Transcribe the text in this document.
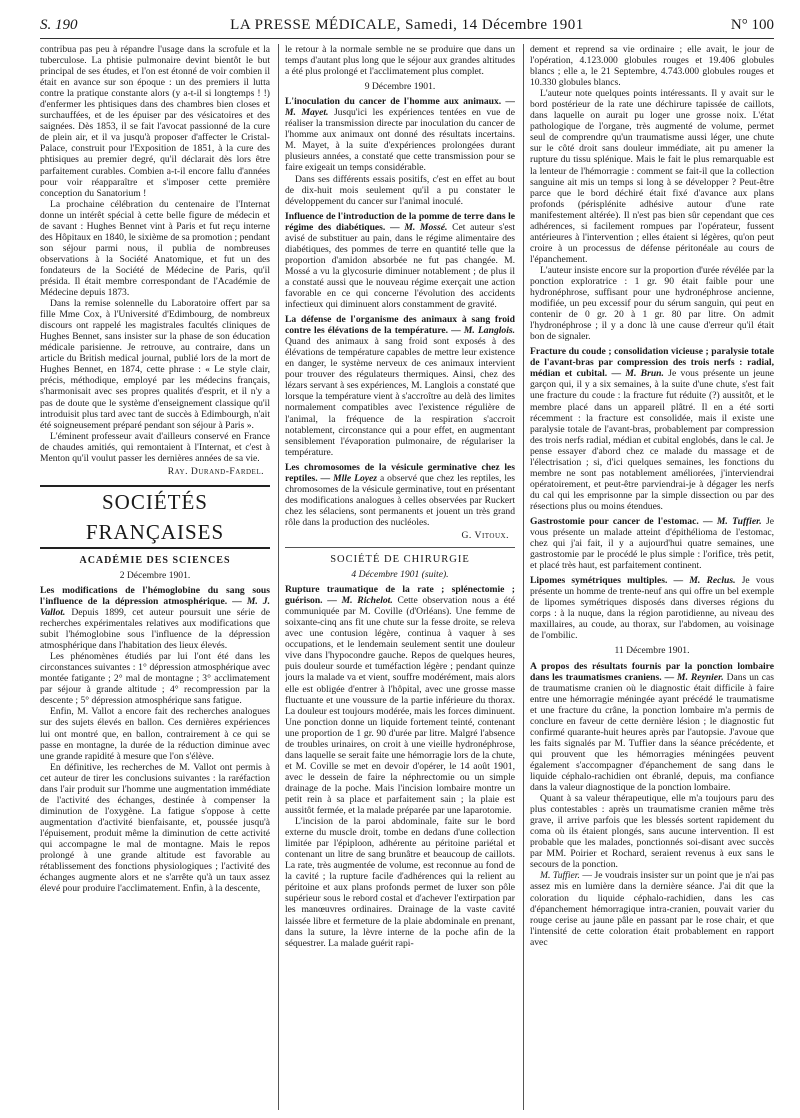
S. 190	LA PRESSE MÉDICALE, Samedi, 14 Décembre 1901	N° 100

contribua pas peu à répandre l'usage dans la scrofule et la tuberculose. La phtisie pulmonaire devint bientôt le but principal de ses études, et l'on est étonné de voir combien il était en avance sur son époque : un des premiers il lutta contre la pratique constante alors (y a-t-il si longtemps ! !) d'enfermer les phtisiques dans des chambres bien closes et surchauffées, et de les épuiser par des vésicatoires et des saignées. Dès 1853, il se fait l'avocat passionné de la cure de plein air, et il va jusqu'à proposer d'affecter le Cristal-Palace, construit pour l'Exposition de 1851, à la cure des phtisiques au premier degré, qu'il déclarait dès lors être parfaitement curables. Combien a-t-il encore fallu d'années pour voir réapparaître et s'imposer cette première conception du Sanatorium !

La prochaine célébration du centenaire de l'Internat donne un intérêt spécial à cette belle figure de médecin et de savant : Hughes Bennet vint à Paris et fut reçu interne des Hôpitaux en 1840, le sixième de sa promotion ; pendant son séjour parmi nous, il publia de nombreuses observations à la Société Anatomique, et fut un des fondateurs de la Société de Médecine de Paris, qu'il présida. Il était membre correspondant de l'Académie de Médecine depuis 1873.

Dans la remise solennelle du Laboratoire offert par sa fille Mme Cox, à l'Université d'Edimbourg, de nombreux discours ont rappelé les magistrales facultés cliniques de Hughes Bennet, sans insister sur la phase de son éducation médicale parisienne. Je retrouve, au contraire, dans un article du British medical journal, publié lors de la mort de Hughes Bennet, en 1874, cette phrase : « Le style clair, précis, méthodique, employé par les médecins français, s'harmonisait avec ses propres qualités d'esprit, et il n'y a pas de doute que le système d'enseignement classique qu'il introduisit plus tard avec tant de succès à Edimbourgh, n'ait été soigneusement préparé pendant son séjour à Paris ».

L'éminent professeur avait d'ailleurs conservé en France de chaudes amitiés, qui remontaient à l'Internat, et c'est à Menton qu'il voulut passer les dernières années de sa vie.

Ray. Durand-Fardel.
SOCIÉTÉS FRANÇAISES
ACADÉMIE DES SCIENCES
2 Décembre 1901.

Les modifications de l'hémoglobine du sang sous l'influence de la dépression atmosphérique. — M. J. Vallot. Depuis 1899, cet auteur poursuit une série de recherches expérimentales relatives aux modifications que subit l'hémoglobine sous l'influence de la dépression atmosphérique dans l'habitation des lieux élevés.

Les phénomènes étudiés par lui l'ont été dans les circonstances suivantes : 1° dépression atmosphérique avec montée fatigante ; 2° mal de montagne ; 3° acclimatement par séjour à grande altitude ; 4° recompression par la descente ; 5° dépression atmosphérique sans fatigue.

Enfin, M. Vallot a encore fait des recherches analogues sur des sujets élevés en ballon. Ces dernières expériences lui ont montré que, en ballon, contrairement à ce qui se passe en montagne, la durée de la réduction diminue avec une grande rapidité à mesure que l'on s'élève.

En définitive, les recherches de M. Vallot ont permis à cet auteur de tirer les conclusions suivantes : la raréfaction dans l'air produit sur l'homme une augmentation immédiate de l'activité des échanges, destinée à compenser la diminution de l'oxygène. La fatigue s'oppose à cette augmentation d'activité bienfaisante, et, poussée jusqu'à l'épuisement, produit même la diminution de cette activité qui accompagne le mal de montagne. Mais le repos prolongé à une grande altitude est favorable au rétablissement des fonctions physiologiques ; l'activité des échanges augmente alors et ne s'arrête qu'à un taux assez élevé pour produire l'acclimatement. Enfin, à la descente,

le retour à la normale semble ne se produire que dans un temps d'autant plus long que le séjour aux grandes altitudes a été plus prolongé et l'acclimatement plus complet.

9 Décembre 1901.

L'inoculation du cancer de l'homme aux animaux. — M. Mayet. Jusqu'ici les expériences tentées en vue de réaliser la transmission directe par inoculation du cancer de l'homme aux animaux ont donné des résultats incertains. M. Mayet, à la suite d'expériences prolongées durant plusieurs années, a constaté que cette transmission pour se faire exigeait un temps considérable.

Dans ses différents essais positifs, c'est en effet au bout de dix-huit mois seulement qu'il a pu constater le développement du cancer sur l'animal inoculé.

Influence de l'introduction de la pomme de terre dans le régime des diabétiques. — M. Mossé. Cet auteur s'est avisé de substituer au pain, dans le régime alimentaire des diabétiques, des pommes de terre en quantité telle que la proportion d'amidon absorbée ne fut pas changée. M. Mossé a vu la glycosurie diminuer notablement ; de plus il a constaté aussi que le nouveau régime exerçait une action favorable en ce qui concerne l'évolution des accidents infectieux qui diminuent alors constamment de gravité.

La défense de l'organisme des animaux à sang froid contre les élévations de la température. — M. Langlois. Quand des animaux à sang froid sont exposés à des élévations de température capables de mettre leur existence en danger, le système nerveux de ces animaux intervient pour trouver des régulateurs thermiques. Ainsi, chez des lézars servant à ses expériences, M. Langlois a constaté que lorsque la température vient à s'accroître au delà des limites normalement compatibles avec l'existence régulière de l'animal, la fréquence de la respiration s'accroit notablement, circonstance qui a pour effet, en augmentant sensiblement l'évaporation pulmonaire, de régulariser la température.

Les chromosomes de la vésicule germinative chez les reptiles. — Mlle Loyez a observé que chez les reptiles, les chromosomes de la vésicule germinative, tout en présentant des modifications analogues à celles observées par Ruckert chez les sélaciens, sont permanents et jouent un très grand rôle dans la production des nucléoles.

G. Vitoux.
SOCIÉTÉ DE CHIRURGIE
4 Décembre 1901 (suite).

Rupture traumatique de la rate ; splénectomie ; guérison. — M. Richelot. Cette observation nous a été communiquée par M. Coville (d'Orléans). Une femme de soixante-cinq ans fit une chute sur la fesse droite, se releva avec une contusion légère, continua à vaquer à ses occupations, et le lendemain seulement sentit une douleur vive dans l'hypocondre gauche. Repos de quelques heures, puis douleur sourde et tuméfaction légère ; pendant quinze jours la malade va et vient, souffre modérément, mais alors elle est obligée d'entrer à l'hôpital, avec une grosse masse fluctuante et une voussure de la partie inférieure du thorax. La douleur est toujours modérée, mais les forces diminuent. Une ponction donne un liquide fortement teinté, contenant une proportion de 1 gr. 90 d'urée par litre. Malgré l'absence de troubles urinaires, on croit à une vieille hydronéphrose, dans laquelle se serait faite une hémorragie lors de la chute, et M. Coville se met en devoir d'opérer, le 14 août 1901, avec le dessein de faire la néphrectomie ou un simple drainage de la poche. Mais l'incision lombaire montre un petit rein à sa place et parfaitement sain ; la plaie est aussitôt fermée, et la malade préparée par une laparotomie.

L'incision de la paroi abdominale, faite sur le bord externe du muscle droit, tombe en dedans d'une collection limitée par l'épiploon, adhérente au péritoine pariétal et contenant un litre de sang brunâtre et beaucoup de caillots. La rate, très augmentée de volume, est reconnue au fond de la cavité ; la rupture facile d'adhérences qui la relient au péritoine et aux plans profonds permet de luxer son pôle supérieur sous le rebord costal et d'achever l'extirpation par les manœuvres ordinaires. Drainage de la vaste cavité laissée libre et fermeture de la plaie abdominale en prenant, dans la suture, la lèvre interne de la poche afin de la séquestrer. La malade guérit rapi-

dement et reprend sa vie ordinaire ; elle avait, le jour de l'opération, 4.123.000 globules rouges et 19.406 globules blancs ; elle a, le 21 Septembre, 4.743.000 globules rouges et 10.330 globules blancs.

L'auteur note quelques points intéressants. Il y avait sur le bord postérieur de la rate une déchirure tapissée de caillots, dans laquelle on aurait pu loger une grosse noix. L'état pathologique de l'organe, très augmenté de volume, permet seul de comprendre qu'un traumatisme aussi léger, une chute sur le côté droit sans douleur immédiate, ait pu amener la rupture du tissu splénique. Mais le fait le plus remarquable est la lenteur de l'hémorragie : comment se fait-il que la collection sanguine ait mis un temps si long à se développer ? Peut-être parce que le bord déchiré était fixé d'avance aux plans profonds (périsplénite adhésive autour d'une rate manifestement altérée). Il n'est pas bien sûr cependant que ces adhérences, si facilement rompues par l'opérateur, fussent antérieures à l'intervention ; elles étaient si légères, qu'on peut croire à un processus de défense péritonéale au cours de l'épanchement.

L'auteur insiste encore sur la proportion d'urée révélée par la ponction exploratrice : 1 gr. 90 était faible pour une hydronéphrose, suffisant pour une hydronéphrose ancienne, modifiée, un peu excessif pour du sérum sanguin, qui peut en contenir de 0 gr. 20 à 1 gr. 80 par litre. On admit l'hydronéphrose ; il y a donc là une cause d'erreur qu'il était bon de signaler.

Fracture du coude ; consolidation vicieuse ; paralysie totale de l'avant-bras par compression des trois nerfs : radial, médian et cubital. — M. Brun. Je vous présente un jeune garçon qui, il y a six semaines, à la suite d'une chute, s'est fait une fracture du coude : la fracture fut réduite (?) aussitôt, et le membre placé dans un appareil plâtré. Il en a été sorti récemment : la fracture est consolidée, mais il existe une paralysie totale de l'avant-bras, probablement par compression des trois nerfs radial, médian et cubital englobés, dans le cal. Je pense essayer d'abord chez ce malade du massage et de l'électrisation ; si, d'ici quelques semaines, les fonctions du membre ne sont pas notablement améliorées, j'interviendrai opératoirement, et peut-être parviendrai-je à dégager les nerfs du cal qui les emprisonne par la simple dissection ou par des résections plus ou moins étendues.

Gastrostomie pour cancer de l'estomac. — M. Tuffier. Je vous présente un malade atteint d'épithélioma de l'estomac, chez qui j'ai fait, il y a aujourd'hui quatre semaines, une gastrostomie par le procédé le plus simple : l'orifice, très petit, et placé très haut, est parfaitement continent.

Lipomes symétriques multiples. — M. Reclus. Je vous présente un homme de trente-neuf ans qui offre un bel exemple de lipomes symétriques disposés dans diverses régions du corps : à la nuque, dans la région parotidienne, au niveau des maxillaires, au coude, au thorax, sur l'abdomen, au voisinage de l'ombilic.

11 Décembre 1901.

A propos des résultats fournis par la ponction lombaire dans les traumatismes craniens. — M. Reynier. Dans un cas de traumatisme cranien où le diagnostic était difficile à faire entre une hémorragie méningée ayant précédé le traumatisme et une fracture du crâne, la ponction lombaire m'a permis de conclure en faveur de cette dernière lésion ; le diagnostic fut confirmé quarante-huit heures après par l'autopsie. J'avoue que les faits signalés par M. Tuffier dans la séance précédente, et qui prouvent que les hémorragies méningées peuvent également s'accompagner d'épanchement de sang dans le liquide céphalo-rachidien ont ébranlé, depuis, ma confiance dans la valeur diagnostique de la ponction lombaire.

Quant à sa valeur thérapeutique, elle m'a toujours paru des plus contestables : après un traumatisme cranien même très grave, il arrive parfois que les blessés sortent rapidement du coma où ils étaient plongés, sans aucune intervention. Il est probable que les malades, ponctionnés soi-disant avec succès par MM. Poirier et Rochard, seraient revenus à eux sans le secours de la ponction.

M. Tuffier. — Je voudrais insister sur un point que je n'ai pas assez mis en lumière dans la dernière séance. J'ai dit que la coloration du liquide céphalo-rachidien, dans les cas d'épanchement hémorragique intra-cranien, pouvait varier du rouge cerise au jaune pâle en passant par le rose chair, et que l'intensité de cette coloration était probablement en rapport avec
